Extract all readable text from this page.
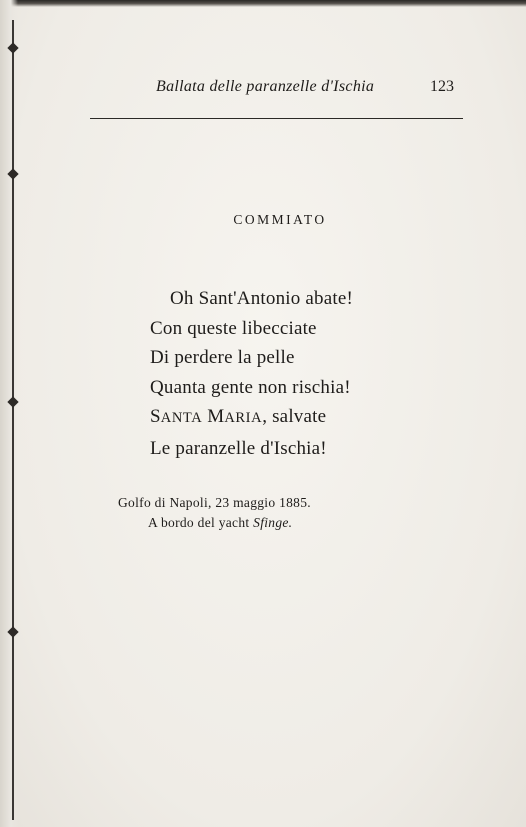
Ballata delle paranzelle d'Ischia	123
COMMIATO
Oh Sant'Antonio abate!
Con queste libecciate
Di perdere la pelle
Quanta gente non rischia!
SANTA MARIA, salvate
Le paranzelle d'Ischia!
Golfo di Napoli, 23 maggio 1885.
A bordo del yacht Sfinge.
